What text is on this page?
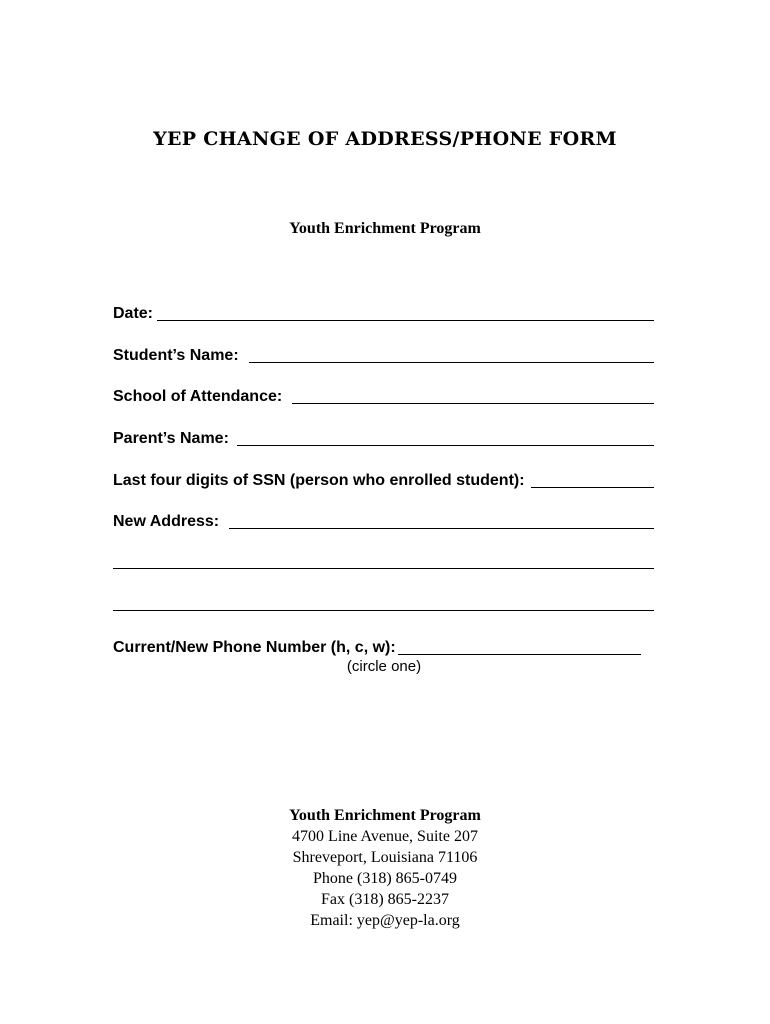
YEP CHANGE OF ADDRESS/PHONE FORM
Youth Enrichment Program
Date:
Student’s Name:
School of Attendance:
Parent’s Name:
Last four digits of SSN (person who enrolled student):
New Address:
Current/New Phone Number (h, c, w):
(circle one)
Youth Enrichment Program
4700 Line Avenue, Suite 207
Shreveport, Louisiana 71106
Phone (318) 865-0749
Fax (318) 865-2237
Email: yep@yep-la.org
